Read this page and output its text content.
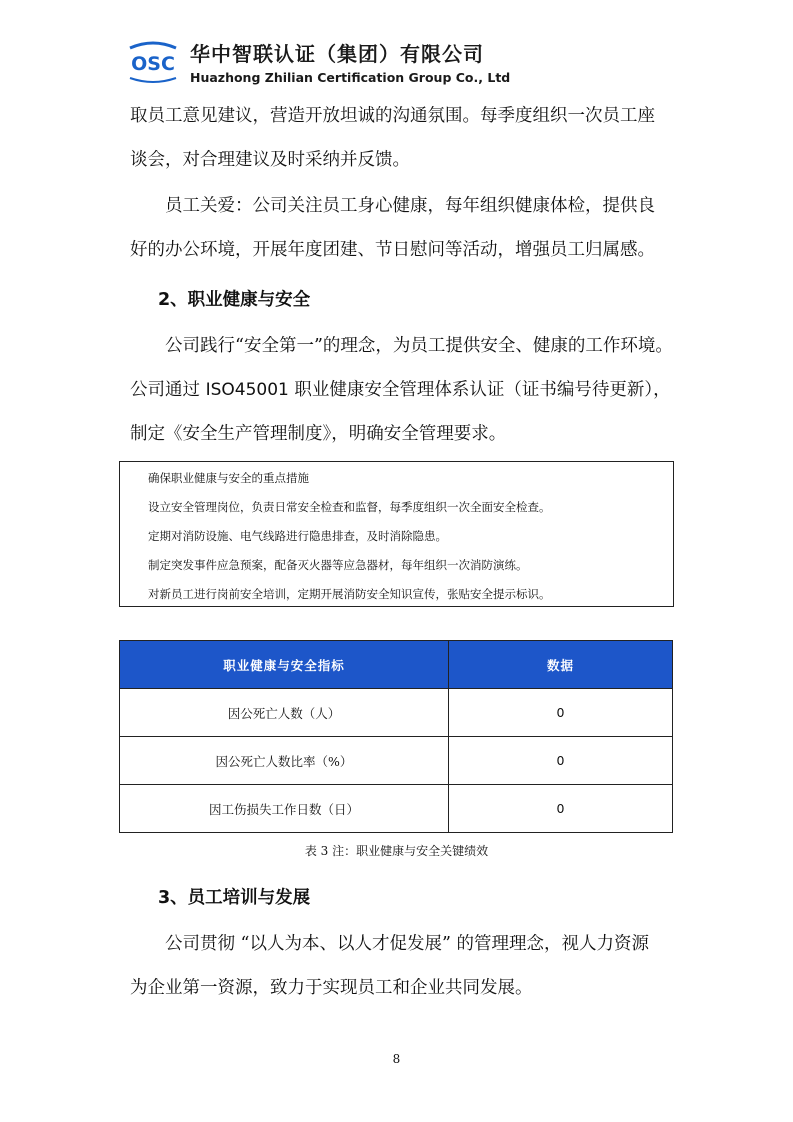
OSC 华中智联认证（集团）有限公司
Huazhong Zhilian Certification Group Co., Ltd

取员工意见建议，营造开放坦诚的沟通氛围。每季度组织一次员工座
谈会，对合理建议及时采纳并反馈。

员工关爱：公司关注员工身心健康，每年组织健康体检，提供良
好的办公环境，开展年度团建、节日慰问等活动，增强员工归属感。

2、职业健康与安全

公司践行“安全第一”的理念，为员工提供安全、健康的工作环境。
公司通过 ISO45001 职业健康安全管理体系认证（证书编号待更新），
制定《安全生产管理制度》，明确安全管理要求。

确保职业健康与安全的重点措施
设立安全管理岗位，负责日常安全检查和监督，每季度组织一次全面安全检查。
定期对消防设施、电气线路进行隐患排查，及时消除隐患。
制定突发事件应急预案，配备灭火器等应急器材，每年组织一次消防演练。
对新员工进行岗前安全培训，定期开展消防安全知识宣传，张贴安全提示标识。
职业健康与安全指标	数据
因公死亡人数（人）	0
因公死亡人数比率（%）	0
因工伤损失工作日数（日）	0
表 3 注：职业健康与安全关键绩效

3、员工培训与发展

公司贯彻 “以人为本、以人才促发展” 的管理理念，视人力资源
为企业第一资源，致力于实现员工和企业共同发展。

8
